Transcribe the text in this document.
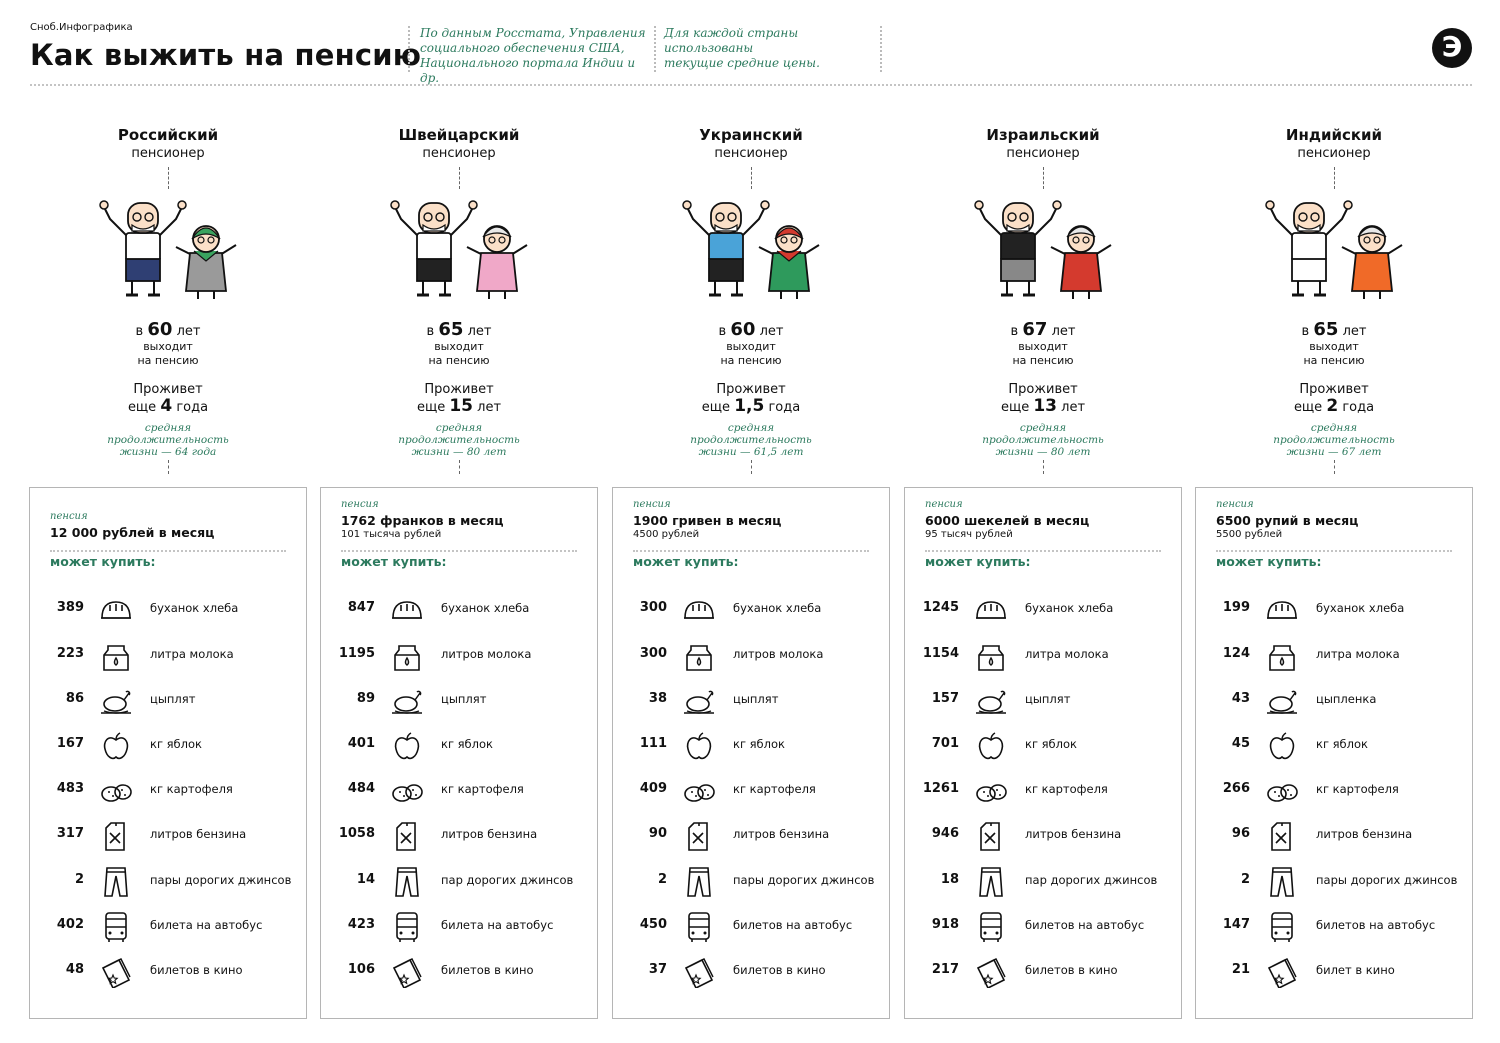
Сноб.Инфографика
Как выжить на пенсию
По данным Росстата, Управления
социального обеспечения США,
Национального портала Индии и др.
Для каждой страны использованы
текущие средние цены.	Э
Российский
пенсионер
в 60 лет
выходит
на пенсию
Проживет
еще 4 года
средняя
продолжительность
жизни — 64 года
пенсия
12 000 рублей в месяц
может купить:
389	буханок хлеба
223	литра молока
86	цыплят
167	кг яблок
483	кг картофеля
317	литров бензина
2	пары дорогих джинсов
402	билета на автобус
48	билетов в кино
Швейцарский
пенсионер
в 65 лет
выходит
на пенсию
Проживет
еще 15 лет
средняя
продолжительность
жизни — 80 лет
пенсия
1762 франков в месяц
101 тысяча рублей
может купить:
847	буханок хлеба
1195	литров молока
89	цыплят
401	кг яблок
484	кг картофеля
1058	литров бензина
14	пар дорогих джинсов
423	билета на автобус
106	билетов в кино
Украинский
пенсионер
в 60 лет
выходит
на пенсию
Проживет
еще 1,5 года
средняя
продолжительность
жизни — 61,5 лет
пенсия
1900 гривен в месяц
4500 рублей
может купить:
300	буханок хлеба
300	литров молока
38	цыплят
111	кг яблок
409	кг картофеля
90	литров бензина
2	пары дорогих джинсов
450	билетов на автобус
37	билетов в кино
Израильский
пенсионер
в 67 лет
выходит
на пенсию
Проживет
еще 13 лет
средняя
продолжительность
жизни — 80 лет
пенсия
6000 шекелей в месяц
95 тысяч рублей
может купить:
1245	буханок хлеба
1154	литра молока
157	цыплят
701	кг яблок
1261	кг картофеля
946	литров бензина
18	пар дорогих джинсов
918	билетов на автобус
217	билетов в кино
Индийский
пенсионер
в 65 лет
выходит
на пенсию
Проживет
еще 2 года
средняя
продолжительность
жизни — 67 лет
пенсия
6500 рупий в месяц
5500 рублей
может купить:
199	буханок хлеба
124	литра молока
43	цыпленка
45	кг яблок
266	кг картофеля
96	литров бензина
2	пары дорогих джинсов
147	билетов на автобус
21	билет в кино
